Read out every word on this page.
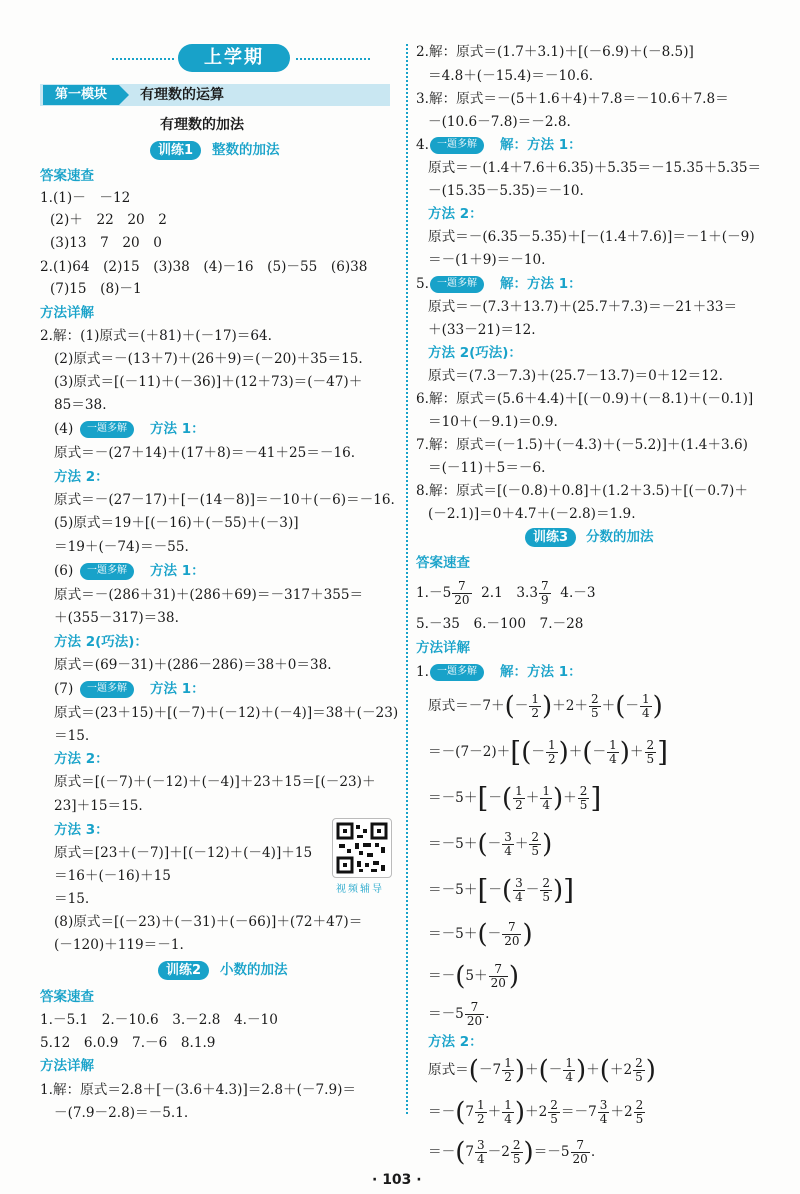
上学期
第一模块	有理数的运算
有理数的加法
训练1	整数的加法
答案速查
1.(1)－　－12
(2)＋　22　20　2
(3)13　7　20　0
2.(1)64　(2)15　(3)38　(4)－16　(5)－55　(6)38
(7)15　(8)－1
方法详解
2.解：(1)原式＝(＋81)＋(－17)＝64.
(2)原式＝－(13＋7)＋(26＋9)＝(－20)＋35＝15.
(3)原式＝[(－11)＋(－36)]＋(12＋73)＝(－47)＋
85＝38.
(4)	一题多解	方法 1：
原式＝－(27＋14)＋(17＋8)＝－41＋25＝－16.
方法 2：
原式＝－(27－17)＋[－(14－8)]＝－10＋(－6)＝－16.
(5)原式＝19＋[(－16)＋(－55)＋(－3)]
＝19＋(－74)＝－55.
(6)	一题多解	方法 1：
原式＝－(286＋31)＋(286＋69)＝－317＋355＝
＋(355－317)＝38.
方法 2(巧法)：
原式＝(69－31)＋(286－286)＝38＋0＝38.
(7)	一题多解	方法 1：
原式＝(23＋15)＋[(－7)＋(－12)＋(－4)]＝38＋(－23)
＝15.
方法 2：
原式＝[(－7)＋(－12)＋(－4)]＋23＋15＝[(－23)＋
23]＋15＝15.
方法 3：
原式＝[23＋(－7)]＋[(－12)＋(－4)]＋15
＝16＋(－16)＋15
＝15.
视频辅导
(8)原式＝[(－23)＋(－31)＋(－66)]＋(72＋47)＝
(－120)＋119＝－1.
训练2	小数的加法
答案速查
1.－5.1　2.－10.6　3.－2.8　4.－10
5.12　6.0.9　7.－6　8.1.9
方法详解
1.解：原式＝2.8＋[－(3.6＋4.3)]＝2.8＋(－7.9)＝
－(7.9－2.8)＝－5.1.
2.解：原式＝(1.7＋3.1)＋[(－6.9)＋(－8.5)]
＝4.8＋(－15.4)＝－10.6.
3.解：原式＝－(5＋1.6＋4)＋7.8＝－10.6＋7.8＝
－(10.6－7.8)＝－2.8.
4. 一题多解	解：方法 1：
原式＝－(1.4＋7.6＋6.35)＋5.35＝－15.35＋5.35＝
－(15.35－5.35)＝－10.
方法 2：
原式＝－(6.35－5.35)＋[－(1.4＋7.6)]＝－1＋(－9)
＝－(1＋9)＝－10.
5. 一题多解	解：方法 1：
原式＝－(7.3＋13.7)＋(25.7＋7.3)＝－21＋33＝
＋(33－21)＝12.
方法 2(巧法)：
原式＝(7.3－7.3)＋(25.7－13.7)＝0＋12＝12.
6.解：原式＝(5.6＋4.4)＋[(－0.9)＋(－8.1)＋(－0.1)]
＝10＋(－9.1)＝0.9.
7.解：原式＝(－1.5)＋(－4.3)＋(－5.2)]＋(1.4＋3.6)
＝(－11)＋5＝－6.
8.解：原式＝[(－0.8)＋0.8]＋(1.2＋3.5)＋[(－0.7)＋
(－2.1)]＝0＋4.7＋(－2.8)＝1.9.
训练3	分数的加法
答案速查
$1.-5 \frac{7}{20} 2.1$　$3.3 \frac{7}{9} 4.-3$
5.－35　6.－100　7.－28
方法详解
1. 一题多解	解：方法 1：
原式$=-7+(- \frac{1}{2} )+2+ \frac{2}{5}$ ＋(－ $\frac{1}{4}$ )
$=-(7-2)+[(- \frac{1}{2}$ )＋(－ $\frac{1}{4}$ )＋ $\frac{2}{5}$ ]
$=-5+[-( \frac{1}{2} + \frac{1}{4}$ )＋ $\frac{2}{5}$ ]
$=-5+(- \frac{3}{4} + \frac{2}{5}$ )
$=-5+[-( \frac{3}{4} - \frac{2}{5}$ )]
$=-5+(- \frac{7}{20}$ )
$=-(5+ \frac{7}{20}$ )
$=-5 \frac{7}{20}$ .
方法 2：
原式$=(-7 \frac{1}{2}$ )＋(－ $\frac{1}{4} )+(+2 \frac{2}{5}$ )
$=-(7 \frac{1}{2} + \frac{1}{4} )+2 \frac{2}{5} =-7 \frac{3}{4} +2 \frac{2}{5}$
$=-(7 \frac{3}{4} -2 \frac{2}{5} )=-5 \frac{7}{20}$ .
· 103 ·
